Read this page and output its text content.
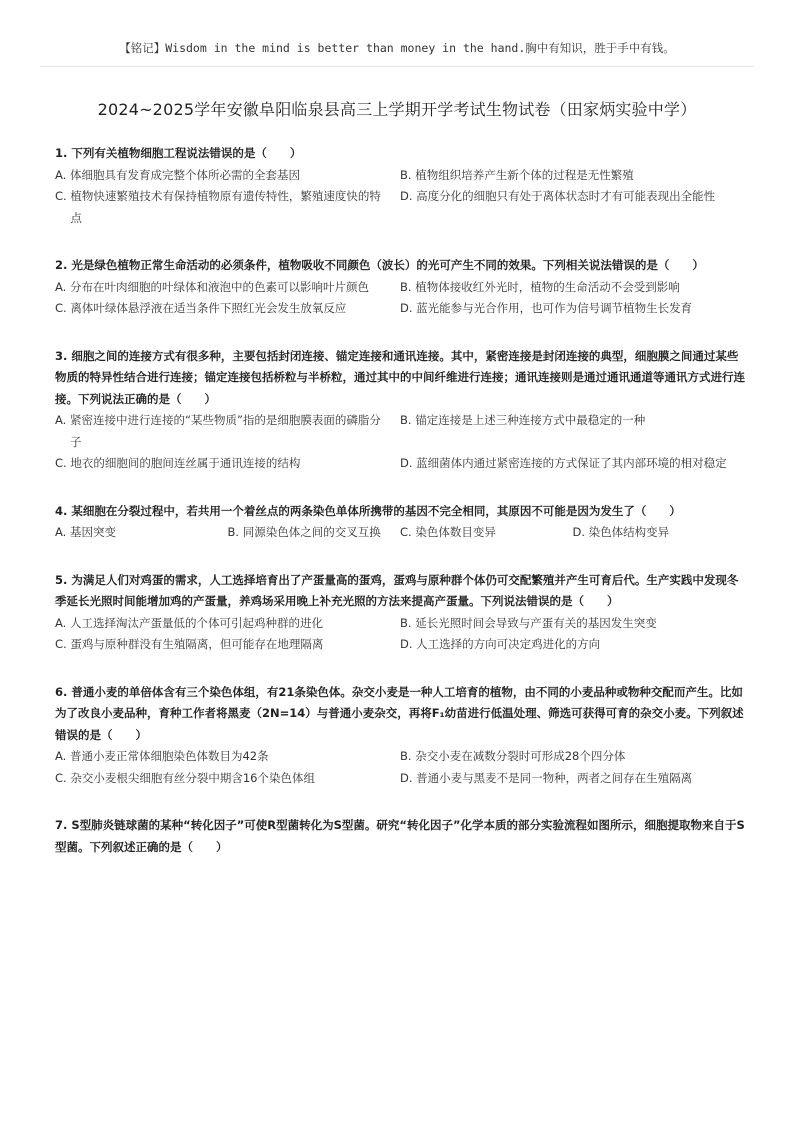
【铭记】Wisdom in the mind is better than money in the hand.胸中有知识，胜于手中有钱。
2024~2025学年安徽阜阳临泉县高三上学期开学考试生物试卷（田家炳实验中学）
1. 下列有关植物细胞工程说法错误的是（　　）
A. 体细胞具有发育成完整个体所必需的全套基因	B. 植物组织培养产生新个体的过程是无性繁殖
C. 植物快速繁殖技术有保持植物原有遗传特性，繁殖速度快的特点
D. 高度分化的细胞只有处于离体状态时才有可能表现出全能性
2. 光是绿色植物正常生命活动的必须条件，植物吸收不同颜色（波长）的光可产生不同的效果。下列相关说法错误的是（　　）
A. 分布在叶肉细胞的叶绿体和液泡中的色素可以影响叶片颜色	B. 植物体接收红外光时，植物的生命活动不会受到影响
C. 离体叶绿体悬浮液在适当条件下照红光会发生放氧反应	D. 蓝光能参与光合作用，也可作为信号调节植物生长发育
3. 细胞之间的连接方式有很多种，主要包括封闭连接、锚定连接和通讯连接。其中，紧密连接是封闭连接的典型，细胞膜之间通过某些物质的特异性结合进行连接；锚定连接包括桥粒与半桥粒，通过其中的中间纤维进行连接；通讯连接则是通过通讯通道等通讯方式进行连接。下列说法正确的是（　　）
A. 紧密连接中进行连接的“某些物质”指的是细胞膜表面的磷脂分子
B. 锚定连接是上述三种连接方式中最稳定的一种
C. 地衣的细胞间的胞间连丝属于通讯连接的结构	D. 蓝细菌体内通过紧密连接的方式保证了其内部环境的相对稳定
4. 某细胞在分裂过程中，若共用一个着丝点的两条染色单体所携带的基因不完全相同，其原因不可能是因为发生了（　　）
A. 基因突变	B. 同源染色体之间的交叉互换	C. 染色体数目变异	D. 染色体结构变异
5. 为满足人们对鸡蛋的需求，人工选择培育出了产蛋量高的蛋鸡，蛋鸡与原种群个体仍可交配繁殖并产生可育后代。生产实践中发现冬季延长光照时间能增加鸡的产蛋量，养鸡场采用晚上补充光照的方法来提高产蛋量。下列说法错误的是（　　）
A. 人工选择淘汰产蛋量低的个体可引起鸡种群的进化	B. 延长光照时间会导致与产蛋有关的基因发生突变
C. 蛋鸡与原种群没有生殖隔离，但可能存在地理隔离	D. 人工选择的方向可决定鸡进化的方向
6. 普通小麦的单倍体含有三个染色体组，有21条染色体。杂交小麦是一种人工培育的植物，由不同的小麦品种或物种交配而产生。比如为了改良小麦品种，育种工作者将黑麦（2N=14）与普通小麦杂交，再将F₁幼苗进行低温处理、筛选可获得可育的杂交小麦。下列叙述错误的是（　　）
A. 普通小麦正常体细胞染色体数目为42条	B. 杂交小麦在减数分裂时可形成28个四分体
C. 杂交小麦根尖细胞有丝分裂中期含16个染色体组	D. 普通小麦与黑麦不是同一物种，两者之间存在生殖隔离
7. S型肺炎链球菌的某种“转化因子”可使R型菌转化为S型菌。研究“转化因子”化学本质的部分实验流程如图所示，细胞提取物来自于S型菌。下列叙述正确的是（　　）
